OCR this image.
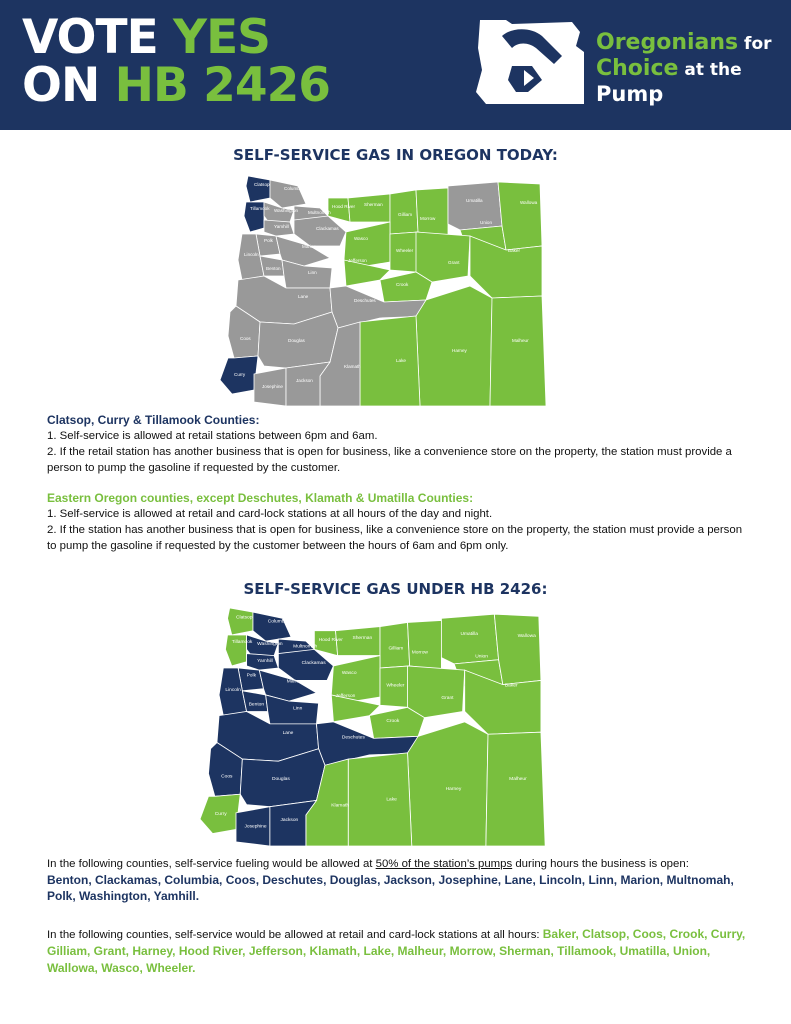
VOTE YES
ON HB 2426
Oregonians for
Choice at the
Pump
SELF-SERVICE GAS IN OREGON TODAY:
Clatsop
Columbia
Tillamook Washington Multnomah
Yamhill	Clackamas
Hood River Sherman
Gilliam
Morrow
Umatilla
Union
Wallowa
Polk
Marion
Wasco
Wheeler
Lincoln
Benton
Linn
Jefferson	Grant
Baker
Crook
Lane
Deschutes
Coos	Douglas
Harney
Malheur
Lake
Klamath
Curry
Josephine
Jackson
Clatsop, Curry & Tillamook Counties:
1. Self-service is allowed at retail stations between 6pm and 6am.
2. If the retail station has another business that is open for business, like a convenience store on the property, the station must provide a person to pump the gasoline if requested by the customer.
Eastern Oregon counties, except Deschutes, Klamath & Umatilla Counties:
1. Self-service is allowed at retail and card-lock stations at all hours of the day and night.
2. If the station has another business that is open for business, like a convenience store on the property, the station must provide a person to pump the gasoline if requested by the customer between the hours of 6am and 6pm only.
SELF-SERVICE GAS UNDER HB 2426:
Clatsop
Columbia
Tillamook Washington Multnomah
Yamhill	Clackamas
Hood River Sherman
Gilliam
Morrow
Umatilla
Union
Wallowa
Polk
Marion
Wasco
Wheeler
Lincoln
Benton
Linn
Jefferson	Grant
Baker
Crook
Lane
Deschutes
Coos	Douglas
Harney
Malheur
Lake
Klamath
Curry
Josephine
Jackson
In the following counties, self-service fueling would be allowed at 50% of the station’s pumps during hours the business is open:
Benton, Clackamas, Columbia, Coos, Deschutes, Douglas, Jackson, Josephine, Lane, Lincoln, Linn, Marion, Multnomah, Polk, Washington, Yamhill.
In the following counties, self-service would be allowed at retail and card-lock stations at all hours: Baker, Clatsop, Coos, Crook, Curry, Gilliam, Grant, Harney, Hood River, Jefferson, Klamath, Lake, Malheur, Morrow, Sherman, Tillamook, Umatilla, Union, Wallowa, Wasco, Wheeler.
